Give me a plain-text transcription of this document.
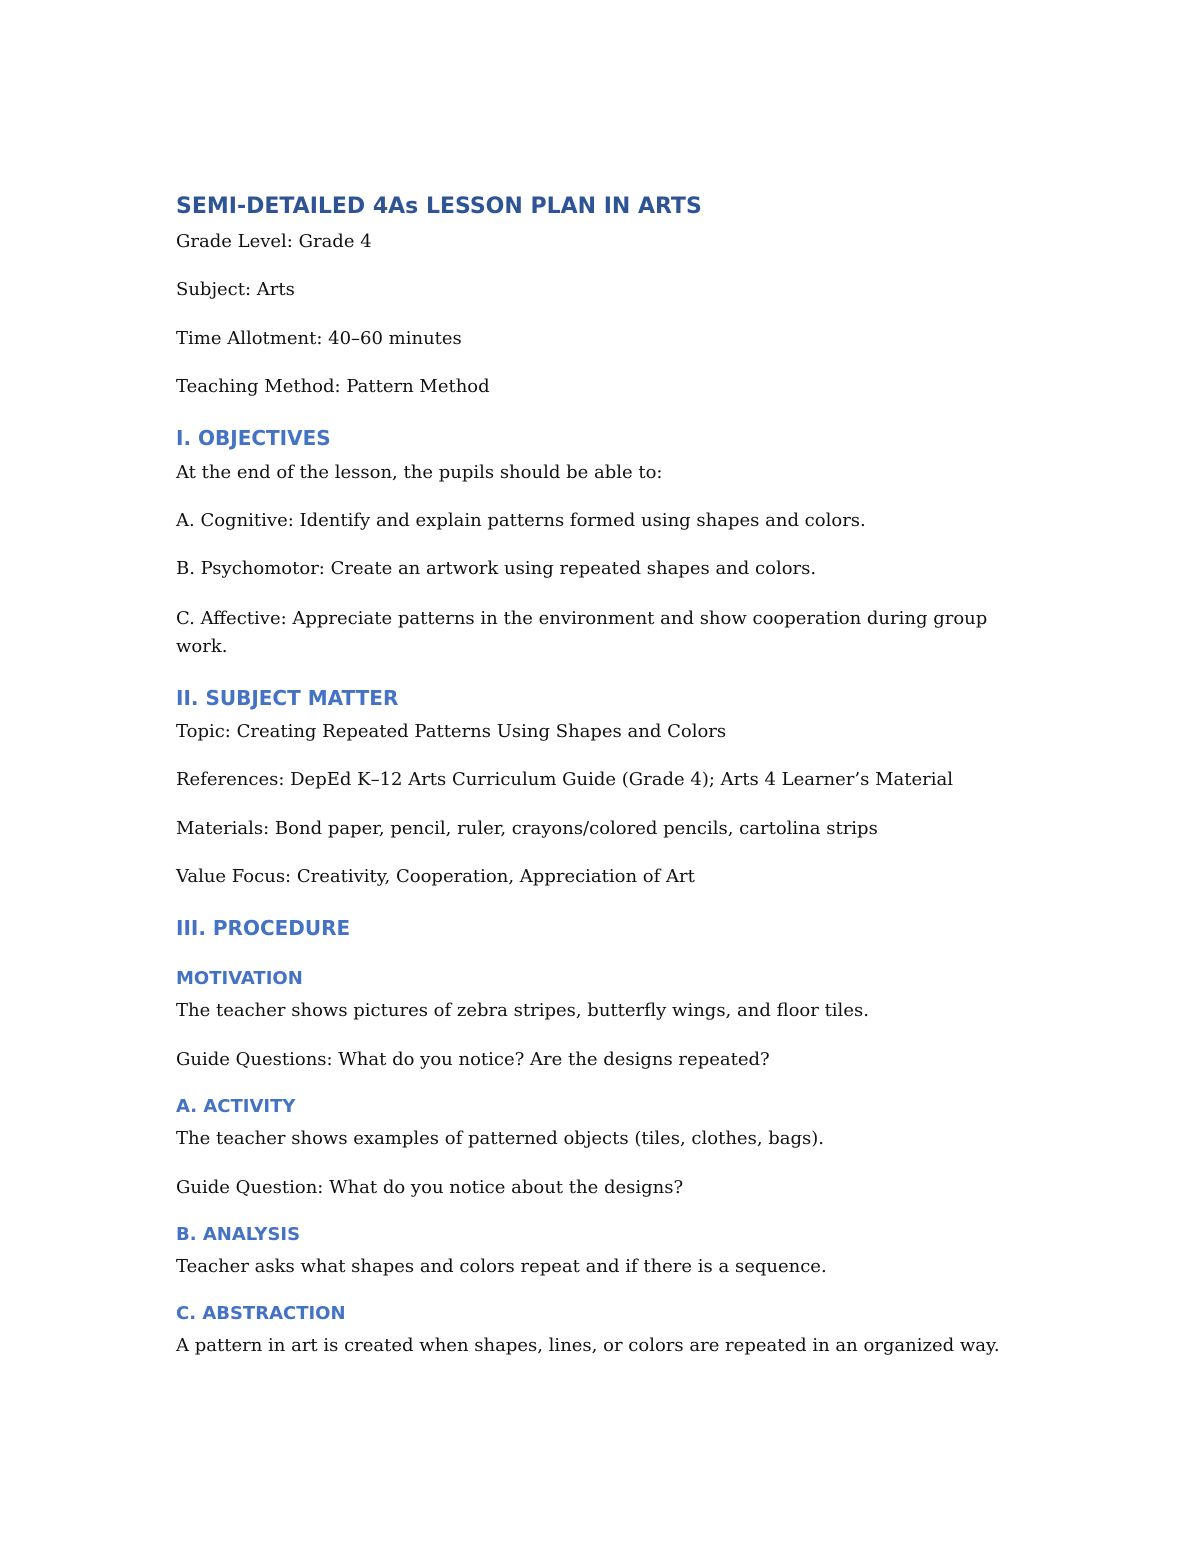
SEMI-DETAILED 4As LESSON PLAN IN ARTS

Grade Level: Grade 4

Subject: Arts

Time Allotment: 40–60 minutes

Teaching Method: Pattern Method

I. OBJECTIVES

At the end of the lesson, the pupils should be able to:

A. Cognitive: Identify and explain patterns formed using shapes and colors.

B. Psychomotor: Create an artwork using repeated shapes and colors.

C. Affective: Appreciate patterns in the environment and show cooperation during group work.

II. SUBJECT MATTER

Topic: Creating Repeated Patterns Using Shapes and Colors

References: DepEd K–12 Arts Curriculum Guide (Grade 4); Arts 4 Learner’s Material

Materials: Bond paper, pencil, ruler, crayons/colored pencils, cartolina strips

Value Focus: Creativity, Cooperation, Appreciation of Art

III. PROCEDURE
MOTIVATION

The teacher shows pictures of zebra stripes, butterfly wings, and floor tiles.

Guide Questions: What do you notice? Are the designs repeated?

A. ACTIVITY

The teacher shows examples of patterned objects (tiles, clothes, bags).

Guide Question: What do you notice about the designs?

B. ANALYSIS

Teacher asks what shapes and colors repeat and if there is a sequence.

C. ABSTRACTION

A pattern in art is created when shapes, lines, or colors are repeated in an organized way.
